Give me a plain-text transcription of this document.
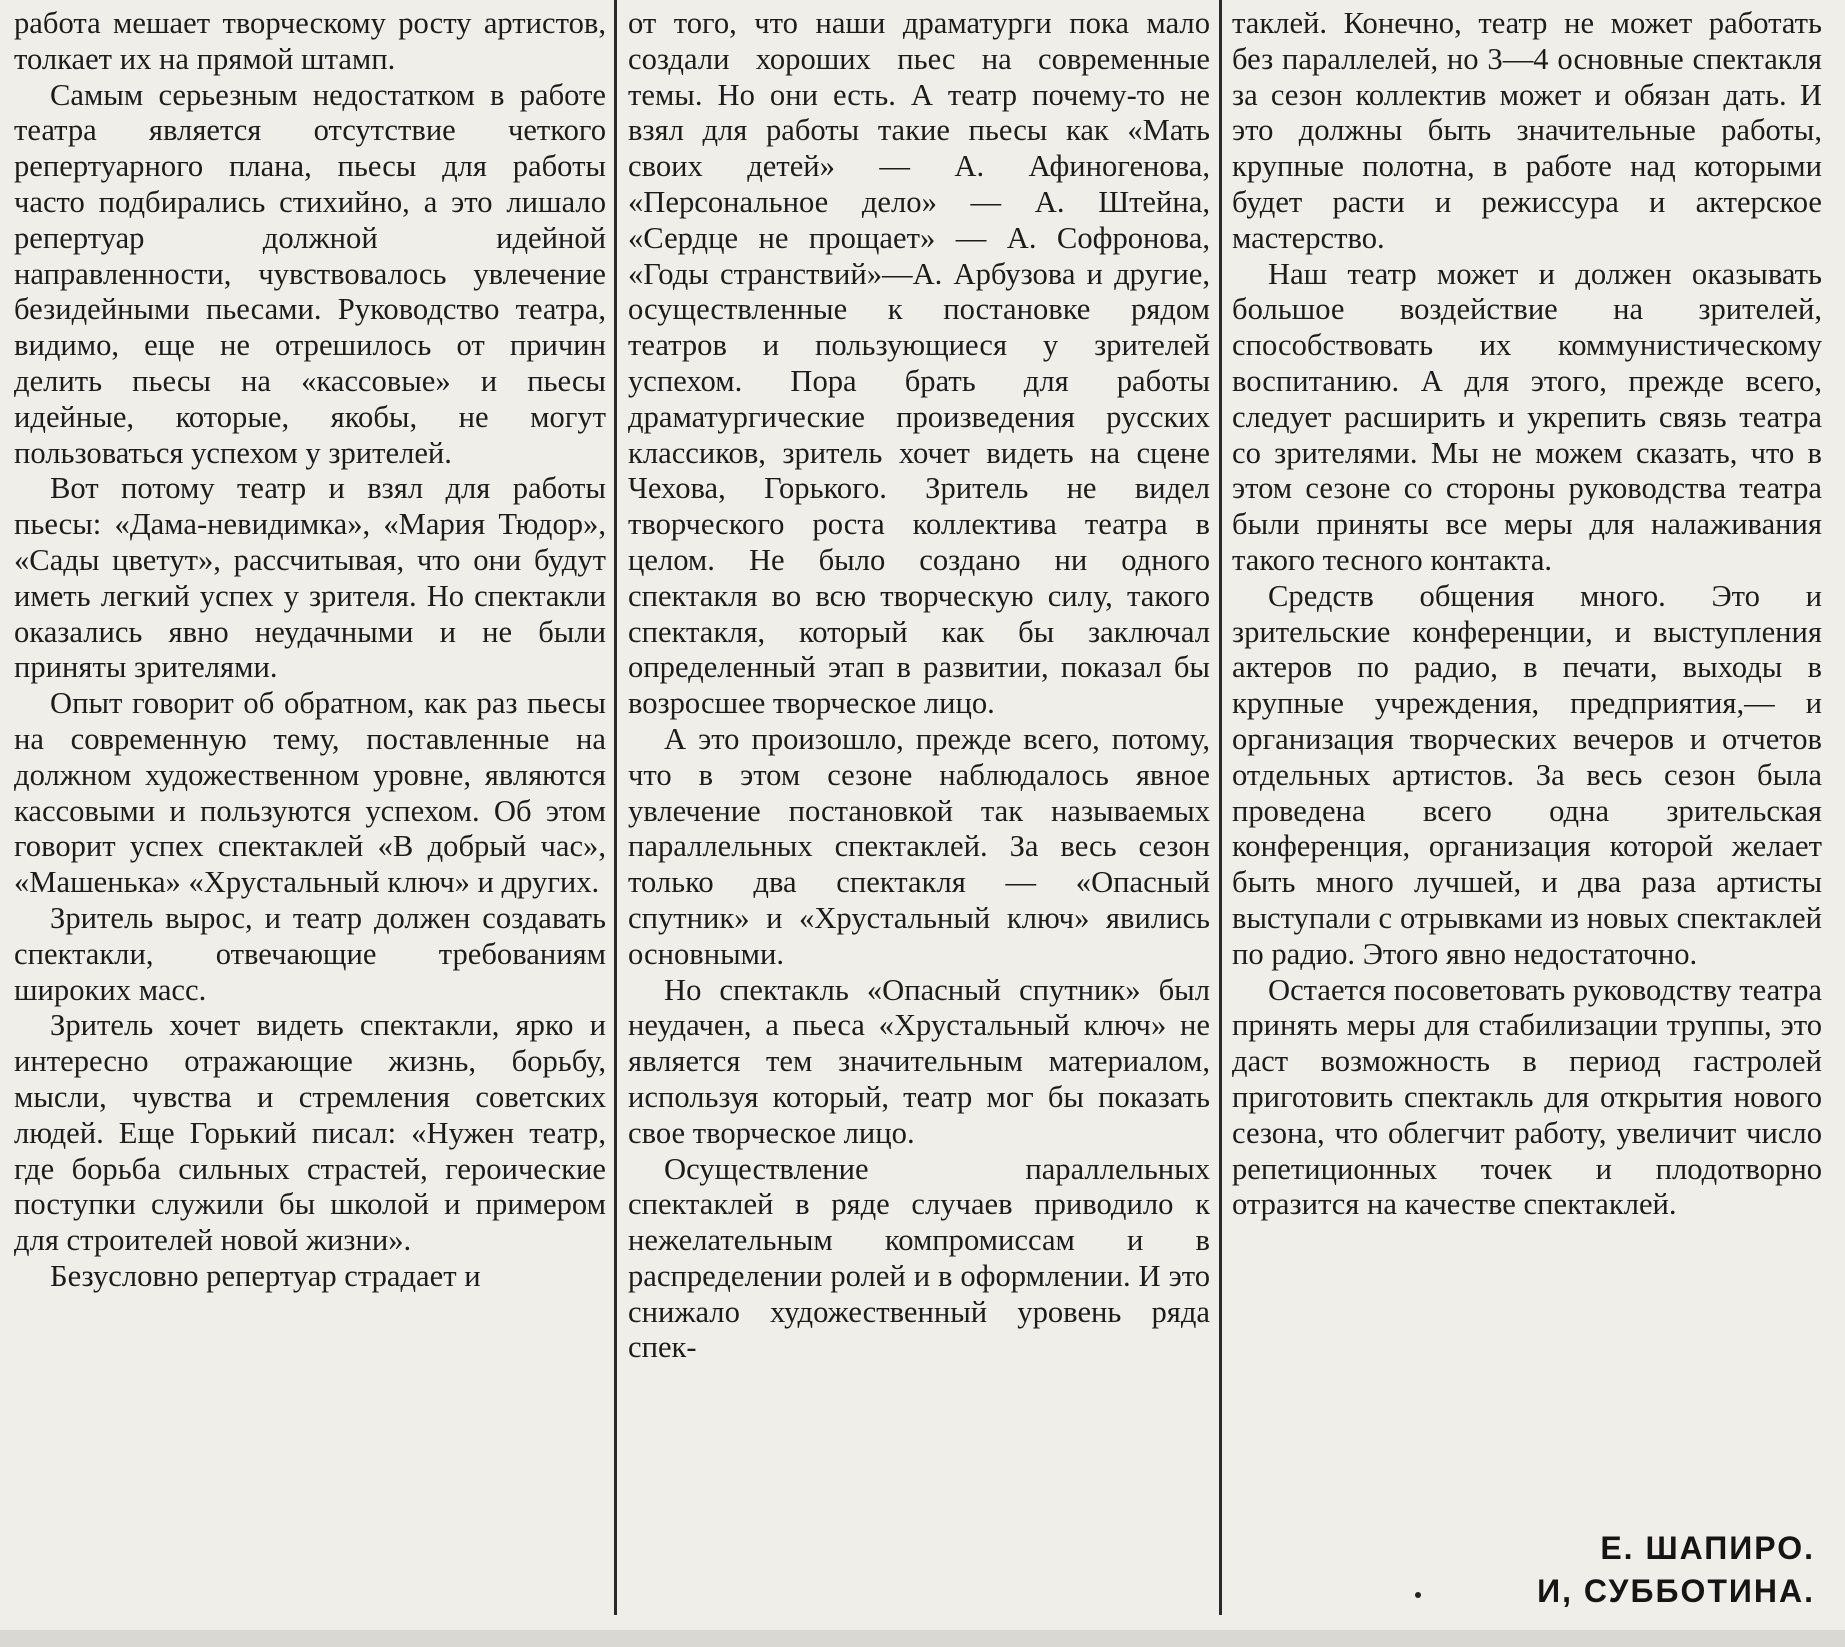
работа мешает творческому росту артистов, толкает их на прямой штамп.

Самым серьезным недостатком в работе театра является отсутствие четкого репертуарного плана, пьесы для работы часто подбирались стихийно, а это лишало репертуар должной идейной направленности, чувствовалось увлечение безидейными пьесами. Руководство театра, видимо, еще не отрешилось от причин делить пьесы на «кассовые» и пьесы идейные, которые, якобы, не могут пользоваться успехом у зрителей.

Вот потому театр и взял для работы пьесы: «Дама-невидимка», «Мария Тюдор», «Сады цветут», рассчитывая, что они будут иметь легкий успех у зрителя. Но спектакли оказались явно неудачными и не были приняты зрителями.

Опыт говорит об обратном, как раз пьесы на современную тему, поставленные на должном художественном уровне, являются кассовыми и пользуются успехом. Об этом говорит успех спектаклей «В добрый час», «Машенька» «Хрустальный ключ» и других.

Зритель вырос, и театр должен создавать спектакли, отвечающие требованиям широких масс.

Зритель хочет видеть спектакли, ярко и интересно отражающие жизнь, борьбу, мысли, чувства и стремления советских людей. Еще Горький писал: «Нужен театр, где борьба сильных страстей, героические поступки служили бы школой и примером для строителей новой жизни».

Безусловно репертуар страдает и

от того, что наши драматурги пока мало создали хороших пьес на современные темы. Но они есть. А театр почему-то не взял для работы такие пьесы как «Мать своих детей» — А. Афиногенова, «Персональное дело» — А. Штейна, «Сердце не прощает» — А. Софронова, «Годы странствий»—А. Арбузова и другие, осуществленные к постановке рядом театров и пользующиеся у зрителей успехом. Пора брать для работы драматургические произведения русских классиков, зритель хочет видеть на сцене Чехова, Горького. Зритель не видел творческого роста коллектива театра в целом. Не было создано ни одного спектакля во всю творческую силу, такого спектакля, который как бы заключал определенный этап в развитии, показал бы возросшее творческое лицо.

А это произошло, прежде всего, потому, что в этом сезоне наблюдалось явное увлечение постановкой так называемых параллельных спектаклей. За весь сезон только два спектакля — «Опасный спутник» и «Хрустальный ключ» явились основными.

Но спектакль «Опасный спутник» был неудачен, а пьеса «Хрустальный ключ» не является тем значительным материалом, используя который, театр мог бы показать свое творческое лицо.

Осуществление параллельных спектаклей в ряде случаев приводило к нежелательным компромиссам и в распределении ролей и в оформлении. И это снижало художественный уровень ряда спек-

таклей. Конечно, театр не может работать без параллелей, но 3—4 основные спектакля за сезон коллектив может и обязан дать. И это должны быть значительные работы, крупные полотна, в работе над которыми будет расти и режиссура и актерское мастерство.

Наш театр может и должен оказывать большое воздействие на зрителей, способствовать их коммунистическому воспитанию. А для этого, прежде всего, следует расширить и укрепить связь театра со зрителями. Мы не можем сказать, что в этом сезоне со стороны руководства театра были приняты все меры для налаживания такого тесного контакта.

Средств общения много. Это и зрительские конференции, и выступления актеров по радио, в печати, выходы в крупные учреждения, предприятия,— и организация творческих вечеров и отчетов отдельных артистов. За весь сезон была проведена всего одна зрительская конференция, организация которой желает быть много лучшей, и два раза артисты выступали с отрывками из новых спектаклей по радио. Этого явно недостаточно.

Остается посоветовать руководству театра принять меры для стабилизации труппы, это даст возможность в период гастролей приготовить спектакль для открытия нового сезона, что облегчит работу, увеличит число репетиционных точек и плодотворно отразится на качестве спектаклей.

Е. ШАПИРО.
И, СУББОТИНА.
